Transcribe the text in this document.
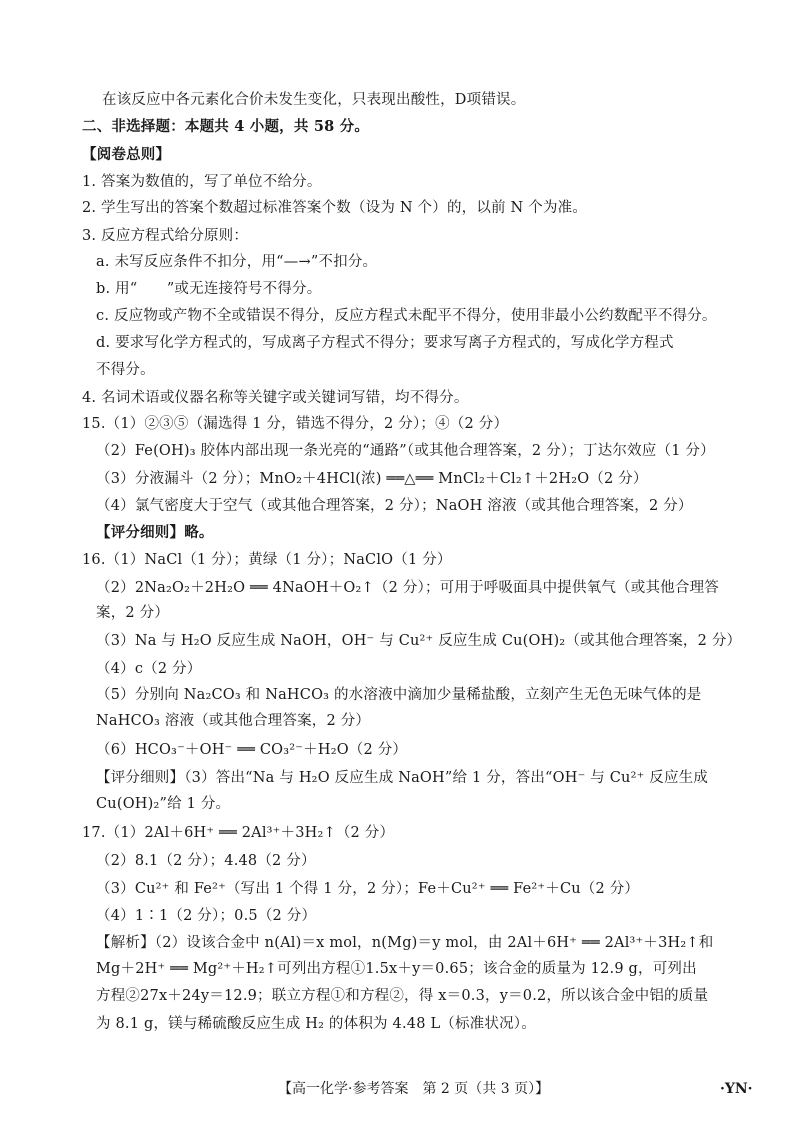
在该反应中各元素化合价未发生变化，只表现出酸性，D项错误。
二、非选择题：本题共 4 小题，共 58 分。
【阅卷总则】
1. 答案为数值的，写了单位不给分。
2. 学生写出的答案个数超过标准答案个数（设为 N 个）的，以前 N 个为准。
3. 反应方程式给分原则：
a. 未写反应条件不扣分，用“—→”不扣分。
b. 用“　　”或无连接符号不得分。
c. 反应物或产物不全或错误不得分，反应方程式未配平不得分，使用非最小公约数配平不得分。
d. 要求写化学方程式的，写成离子方程式不得分；要求写离子方程式的，写成化学方程式
不得分。
4. 名词术语或仪器名称等关键字或关键词写错，均不得分。
15.（1）②③⑤（漏选得 1 分，错选不得分，2 分）；④（2 分）
（2）Fe(OH)₃ 胶体内部出现一条光亮的“通路”（或其他合理答案，2 分）；丁达尔效应（1 分）
（3）分液漏斗（2 分）；MnO₂＋4HCl(浓) ══△══ MnCl₂＋Cl₂↑＋2H₂O（2 分）
（4）氯气密度大于空气（或其他合理答案，2 分）；NaOH 溶液（或其他合理答案，2 分）
【评分细则】略。
16.（1）NaCl（1 分）；黄绿（1 分）；NaClO（1 分）
（2）2Na₂O₂＋2H₂O ══ 4NaOH＋O₂↑（2 分）；可用于呼吸面具中提供氧气（或其他合理答
案，2 分）
（3）Na 与 H₂O 反应生成 NaOH，OH⁻ 与 Cu²⁺ 反应生成 Cu(OH)₂（或其他合理答案，2 分）
（4）c（2 分）
（5）分别向 Na₂CO₃ 和 NaHCO₃ 的水溶液中滴加少量稀盐酸，立刻产生无色无味气体的是
NaHCO₃ 溶液（或其他合理答案，2 分）
（6）HCO₃⁻＋OH⁻ ══ CO₃²⁻＋H₂O（2 分）
【评分细则】（3）答出“Na 与 H₂O 反应生成 NaOH”给 1 分，答出“OH⁻ 与 Cu²⁺ 反应生成
Cu(OH)₂”给 1 分。
17.（1）2Al＋6H⁺ ══ 2Al³⁺＋3H₂↑（2 分）
（2）8.1（2 分）；4.48（2 分）
（3）Cu²⁺ 和 Fe²⁺（写出 1 个得 1 分，2 分）；Fe＋Cu²⁺ ══ Fe²⁺＋Cu（2 分）
（4）1∶1（2 分）；0.5（2 分）
【解析】（2）设该合金中 n(Al)＝x mol，n(Mg)＝y mol，由 2Al＋6H⁺ ══ 2Al³⁺＋3H₂↑和
Mg＋2H⁺ ══ Mg²⁺＋H₂↑可列出方程①1.5x＋y＝0.65；该合金的质量为 12.9 g，可列出
方程②27x＋24y＝12.9；联立方程①和方程②，得 x＝0.3，y＝0.2，所以该合金中铝的质量
为 8.1 g，镁与稀硫酸反应生成 H₂ 的体积为 4.48 L（标准状况）。
【高一化学·参考答案　第 2 页（共 3 页）】	·YN·
